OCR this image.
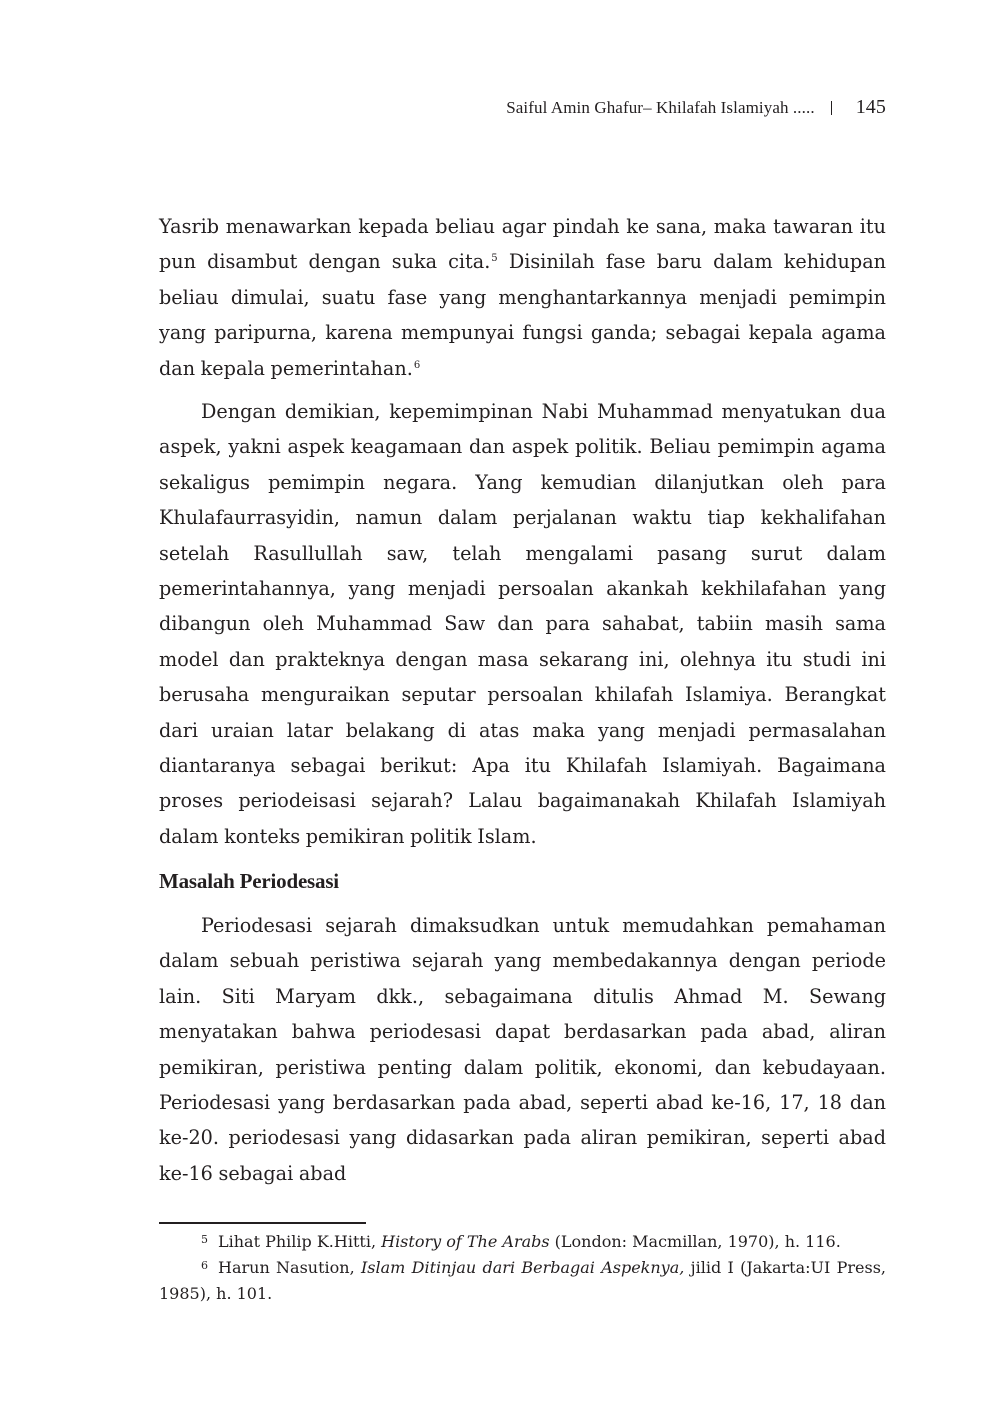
Saiful Amin Ghafur– Khilafah Islamiyah ..... 145

Yasrib menawarkan kepada beliau agar pindah ke sana, maka tawaran itu pun disambut dengan suka cita.$^5$ Disinilah fase baru dalam kehidupan beliau dimulai, suatu fase yang menghantarkannya menjadi pemimpin yang paripurna, karena mempunyai fungsi ganda; sebagai kepala agama dan kepala pemerintahan.$^6$

Dengan demikian, kepemimpinan Nabi Muhammad menyatukan dua aspek, yakni aspek keagamaan dan aspek politik. Beliau pemimpin agama sekaligus pemimpin negara. Yang kemudian dilanjutkan oleh para Khulafaurrasyidin, namun dalam perjalanan waktu tiap kekhalifahan setelah Rasullullah saw, telah mengalami pasang surut dalam pemerintahannya, yang menjadi persoalan akankah kekhilafahan yang dibangun oleh Muhammad Saw dan para sahabat, tabiin masih sama model dan prakteknya dengan masa sekarang ini, olehnya itu studi ini berusaha menguraikan seputar persoalan khilafah Islamiya. Berangkat dari uraian latar belakang di atas maka yang menjadi permasalahan diantaranya sebagai berikut: Apa itu Khilafah Islamiyah. Bagaimana proses periodeisasi sejarah? Lalau bagaimanakah Khilafah Islamiyah dalam konteks pemikiran politik Islam.

Masalah Periodesasi

Periodesasi sejarah dimaksudkan untuk memudahkan pemahaman dalam sebuah peristiwa sejarah yang membedakannya dengan periode lain. Siti Maryam dkk., sebagaimana ditulis Ahmad M. Sewang menyatakan bahwa periodesasi dapat berdasarkan pada abad, aliran pemikiran, peristiwa penting dalam politik, ekonomi, dan kebudayaan. Periodesasi yang berdasarkan pada abad, seperti abad ke-16, 17, 18 dan ke-20. periodesasi yang didasarkan pada aliran pemikiran, seperti abad ke-16 sebagai abad

$^5$ Lihat Philip K.Hitti, History of The Arabs (London: Macmillan, 1970), h. 116.

$^6$ Harun Nasution, Islam Ditinjau dari Berbagai Aspeknya, jilid I (Jakarta:UI Press, 1985), h. 101.
